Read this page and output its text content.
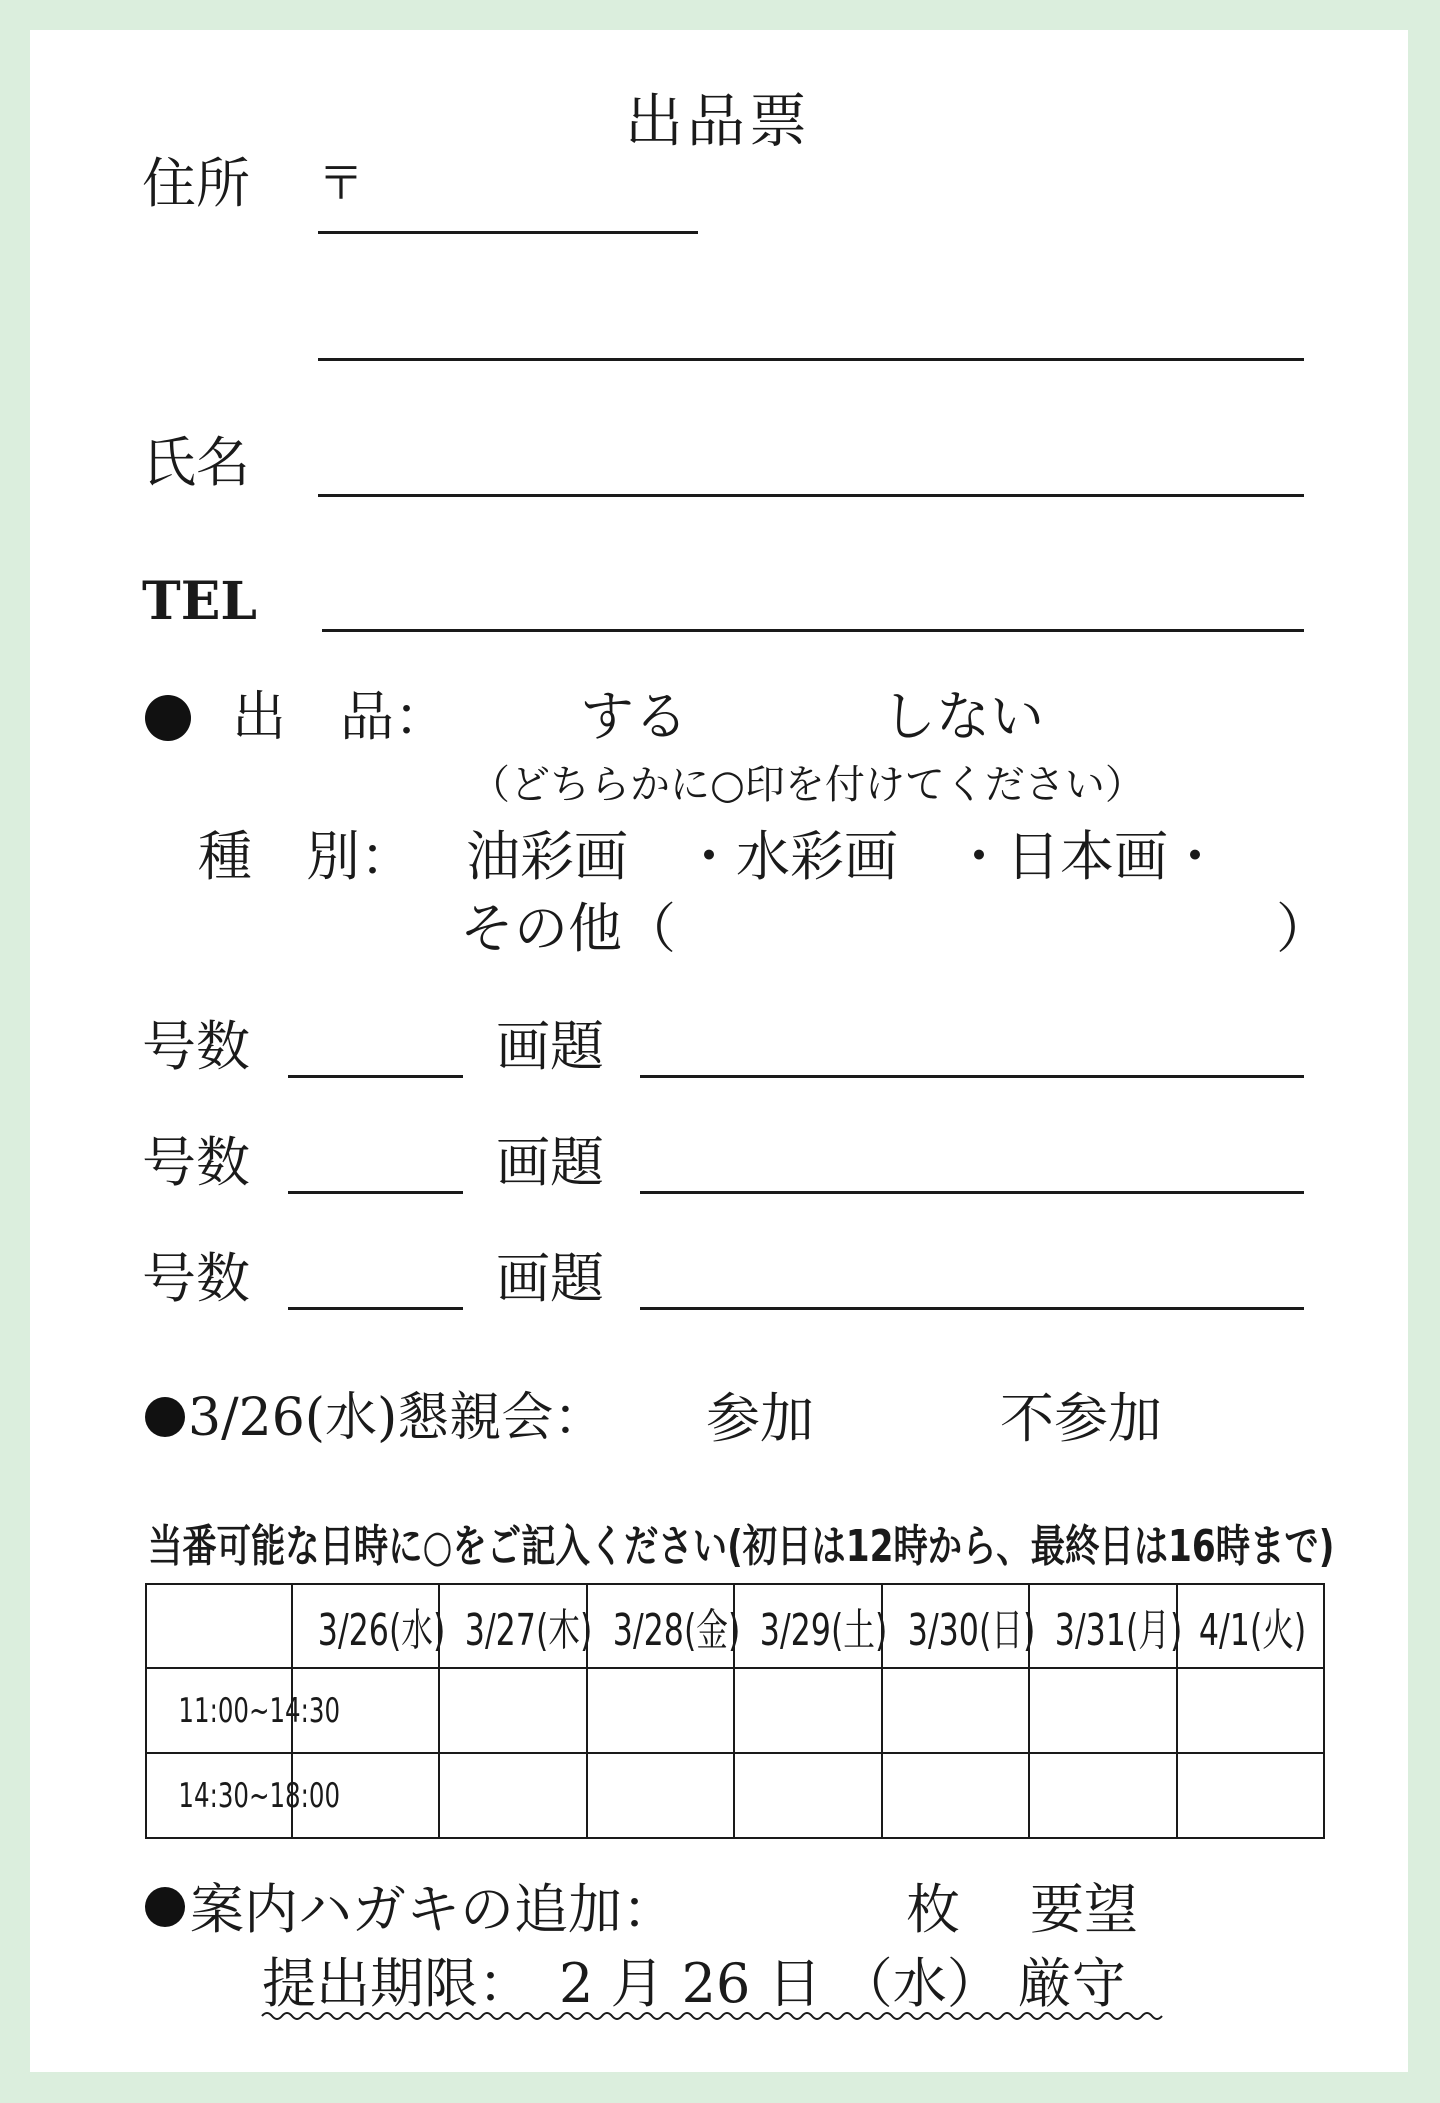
出品票
住所 〒
氏名
TEL
出　品： する	しない
（どちらかに○印を付けてください）
種　別： 油彩画　・水彩画　・日本画・
その他（	）
号数	画題
号数	画題
号数	画題
3/26(水)懇親会： 参加	不参加
当番可能な日時に○をご記入ください(初日は12時から、最終日は16時まで)
	3/26(水)	3/27(木)	3/28(金)	3/29(土)	3/30(日)	3/31(月)	4/1(火)
11:00~14:30							
14:30~18:00							
案内ハガキの追加：	枚 要望
提出期限：　2 月 26 日 （水） 厳守
